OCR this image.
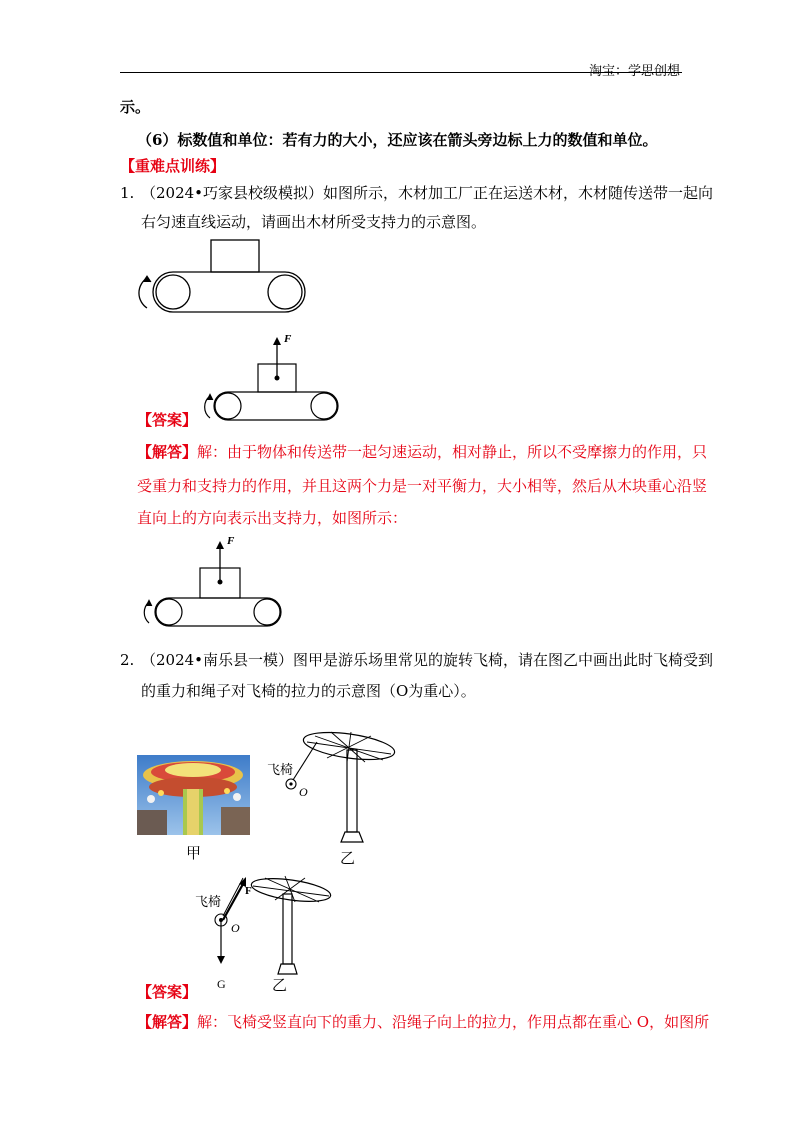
淘宝：学思创想
示。
（6）标数值和单位：若有力的大小，还应该在箭头旁边标上力的数值和单位。
【重难点训练】
1. （2024•巧家县校级模拟）如图所示，木材加工厂正在运送木材，木材随传送带一起向
右匀速直线运动，请画出木材所受支持力的示意图。
F
【答案】
【解答】解：由于物体和传送带一起匀速运动，相对静止，所以不受摩擦力的作用，只
受重力和支持力的作用，并且这两个力是一对平衡力，大小相等，然后从木块重心沿竖
直向上的方向表示出支持力，如图所示：
F
2. （2024•南乐县一模）图甲是游乐场里常见的旋转飞椅，请在图乙中画出此时飞椅受到
的重力和绳子对飞椅的拉力的示意图（O为重心）。
甲
飞椅
O
乙
飞椅
F
O
G	乙
【答案】
【解答】解：飞椅受竖直向下的重力、沿绳子向上的拉力，作用点都在重心 O，如图所
